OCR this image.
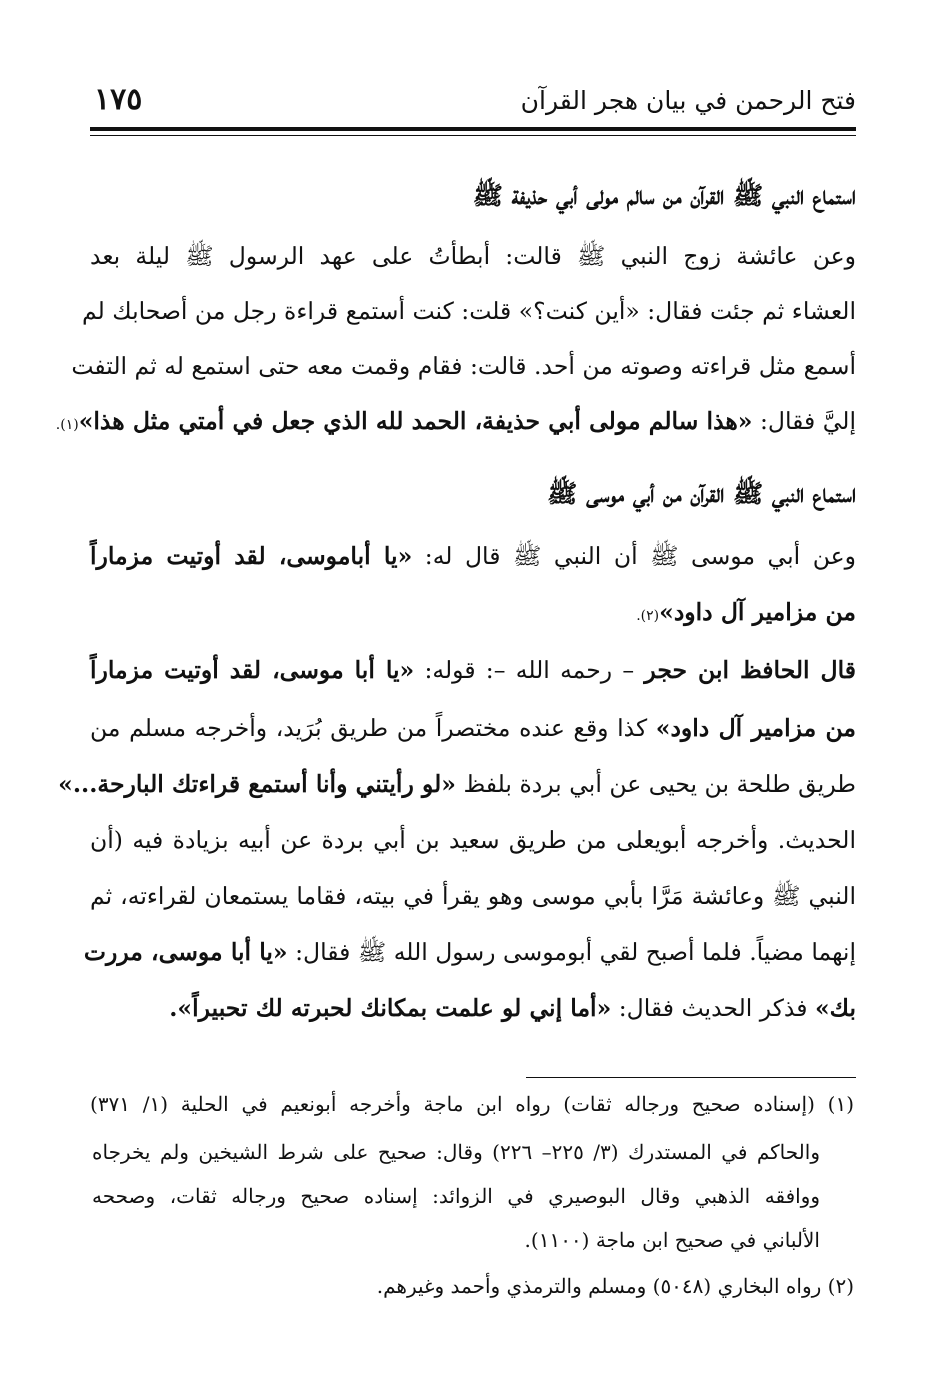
فتح الرحمن في بيان هجر القرآن
١٧٥
استماع النبي ﷺ القرآن من سالم مولى أبي حذيفة ﷺ
وعن عائشة زوج النبي ﷺ قالت: أبطأتُ على عهد الرسول ﷺ ليلة بعد
العشاء ثم جئت فقال: «أين كنت؟» قلت: كنت أستمع قراءة رجل من أصحابك لم
أسمع مثل قراءته وصوته من أحد. قالت: فقام وقمت معه حتى استمع له ثم التفت
إليَّ فقال: «هذا سالم مولى أبي حذيفة، الحمد لله الذي جعل في أمتي مثل هذا»(١).
استماع النبي ﷺ القرآن من أبي موسى ﷺ
وعن أبي موسى ﷺ أن النبي ﷺ قال له: «يا أباموسى، لقد أوتيت مزماراً
من مزامير آل داود»(٢).
قال الحافظ ابن حجر – رحمه الله –: قوله: «يا أبا موسى، لقد أوتيت مزماراً
من مزامير آل داود» كذا وقع عنده مختصراً من طريق بُرَيد، وأخرجه مسلم من
طريق طلحة بن يحيى عن أبي بردة بلفظ «لو رأيتني وأنا أستمع قراءتك البارحة...»
الحديث. وأخرجه أبويعلى من طريق سعيد بن أبي بردة عن أبيه بزيادة فيه (أن
النبي ﷺ وعائشة مَرَّا بأبي موسى وهو يقرأ في بيته، فقاما يستمعان لقراءته، ثم
إنهما مضياً. فلما أصبح لقي أبوموسى رسول الله ﷺ فقال: «يا أبا موسى، مررت
بك» فذكر الحديث فقال: «أما إني لو علمت بمكانك لحبرته لك تحبيراً».
(١) (إسناده صحيح ورجاله ثقات) رواه ابن ماجة وأخرجه أبونعيم في الحلية (١/ ٣٧١)
والحاكم في المستدرك (٣/ ٢٢٥– ٢٢٦) وقال: صحيح على شرط الشيخين ولم يخرجاه
ووافقه الذهبي وقال البوصيري في الزوائد: إسناده صحيح ورجاله ثقات، وصححه
الألباني في صحيح ابن ماجة (١١٠٠).
(٢) رواه البخاري (٥٠٤٨) ومسلم والترمذي وأحمد وغيرهم.
